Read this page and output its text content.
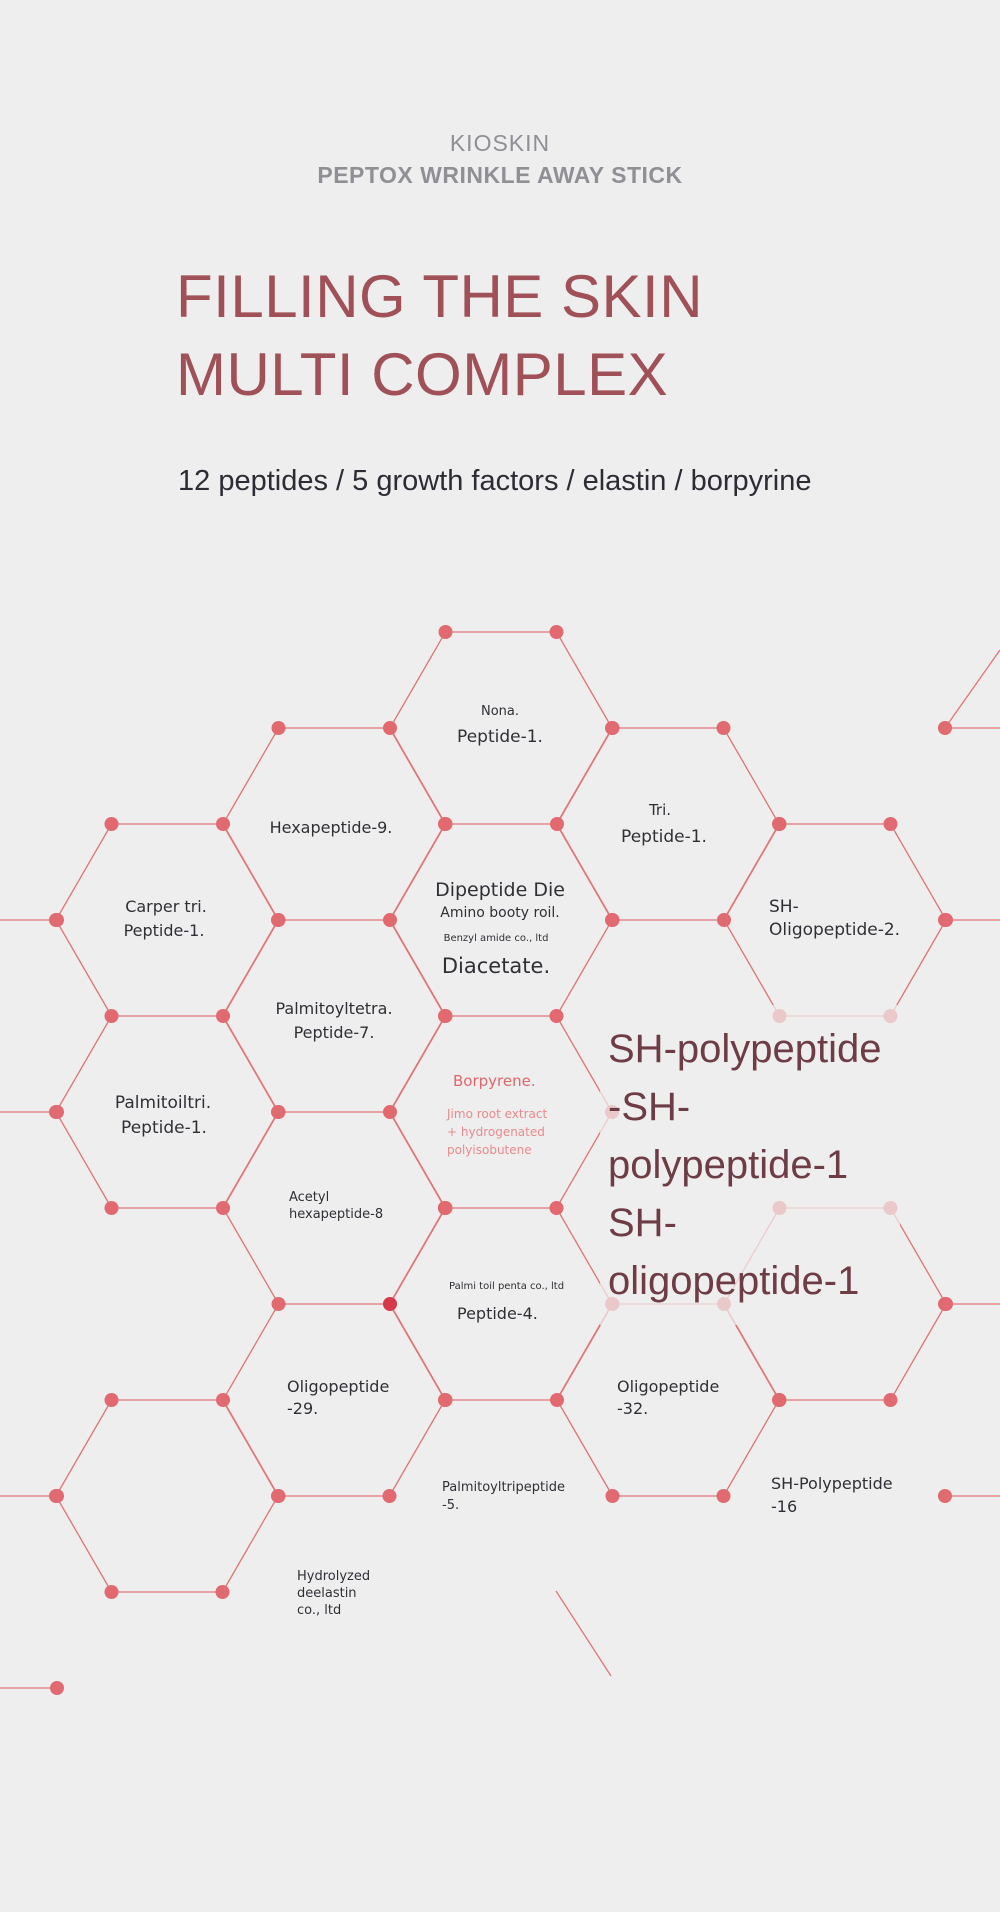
KIOSKIN
PEPTOX WRINKLE AWAY STICK
FILLING THE SKIN
MULTI COMPLEX
12 peptides / 5 growth factors / elastin / borpyrine
Nona.
Peptide-1.
Dipeptide Die
Amino booty roil.
Benzyl amide co., ltd
Diacetate.
Borpyrene.
Jimo root extract
+ hydrogenated
polyisobutene
Palmi toil penta co., ltd
Peptide-4.
Palmitoyltripeptide
-5.
Hexapeptide-9.
Palmitoyltetra.
Peptide-7.
Acetyl
hexapeptide-8
Oligopeptide
-29.
Hydrolyzed
deelastin
co., ltd
Carper tri.
Peptide-1.
Palmitoiltri.
Peptide-1.
Tri.
Peptide-1.
Oligopeptide
-32.
SH-
Oligopeptide-2.
SH-Polypeptide
-16
SH-polypeptide
-SH-
polypeptide-1
SH-
oligopeptide-1
